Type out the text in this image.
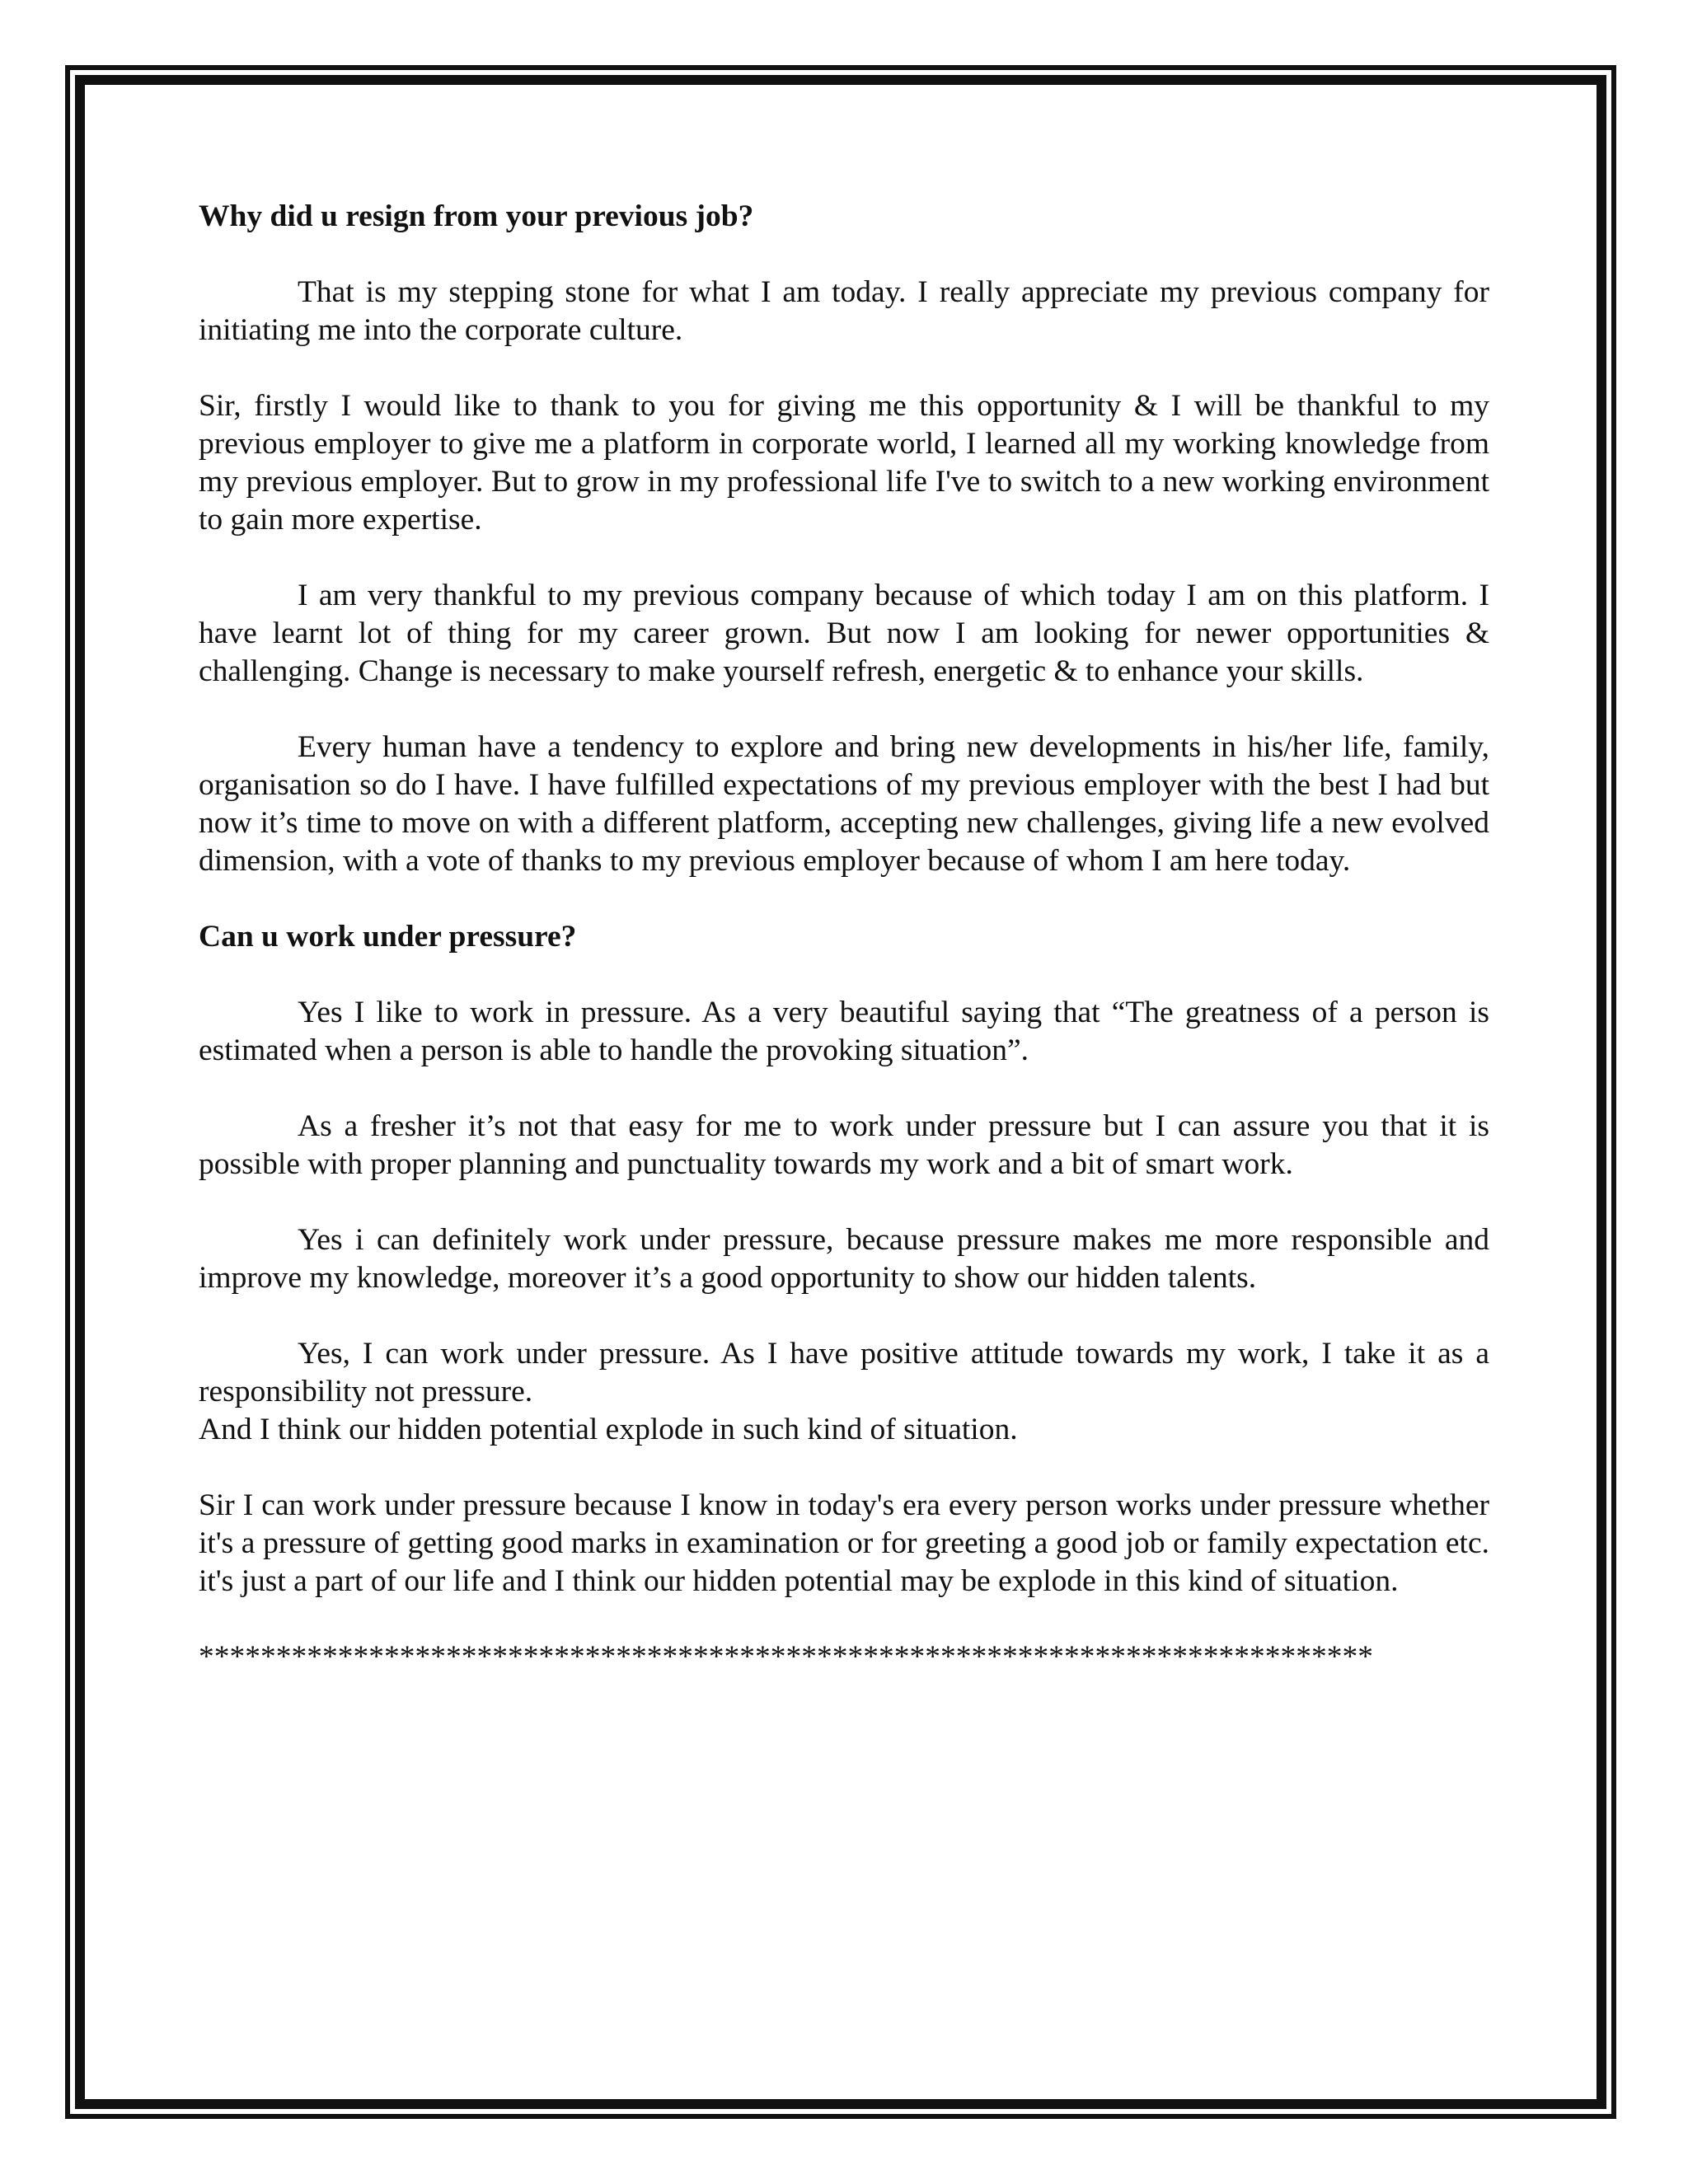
Why did u resign from your previous job?

That is my stepping stone for what I am today. I really appreciate my previous company for initiating me into the corporate culture.

Sir, firstly I would like to thank to you for giving me this opportunity & I will be thankful to my previous employer to give me a platform in corporate world, I learned all my working knowledge from my previous employer. But to grow in my professional life I've to switch to a new working environment to gain more expertise.

I am very thankful to my previous company because of which today I am on this platform. I have learnt lot of thing for my career grown. But now I am looking for newer opportunities & challenging. Change is necessary to make yourself refresh, energetic & to enhance your skills.

Every human have a tendency to explore and bring new developments in his/her life, family, organisation so do I have. I have fulfilled expectations of my previous employer with the best I had but now it’s time to move on with a different platform, accepting new challenges, giving life a new evolved dimension, with a vote of thanks to my previous employer because of whom I am here today.

Can u work under pressure?

Yes I like to work in pressure. As a very beautiful saying that “The greatness of a person is estimated when a person is able to handle the provoking situation”.

As a fresher it’s not that easy for me to work under pressure but I can assure you that it is possible with proper planning and punctuality towards my work and a bit of smart work.

Yes i can definitely work under pressure, because pressure makes me more responsible and improve my knowledge, moreover it’s a good opportunity to show our hidden talents.

Yes, I can work under pressure. As I have positive attitude towards my work, I take it as a responsibility not pressure.

And I think our hidden potential explode in such kind of situation.

Sir I can work under pressure because I know in today's era every person works under pressure whether it's a pressure of getting good marks in examination or for greeting a good job or family expectation etc. it's just a part of our life and I think our hidden potential may be explode in this kind of situation.

****************************************************************************
